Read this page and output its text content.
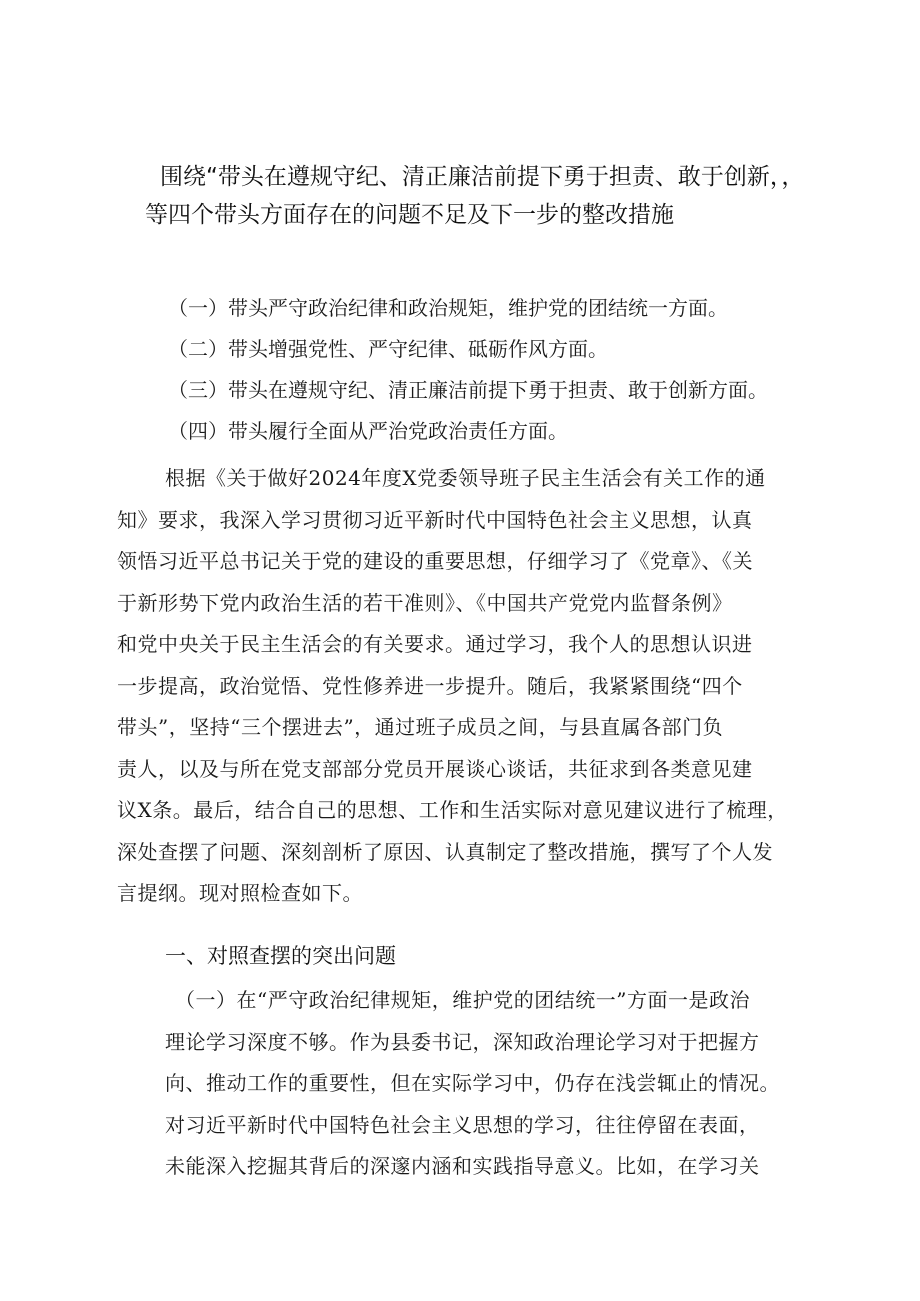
围绕“带头在遵规守纪、清正廉洁前提下勇于担责、敢于创新，，
等四个带头方面存在的问题不足及下一步的整改措施
（一）带头严守政治纪律和政治规矩，维护党的团结统一方面。
（二）带头增强党性、严守纪律、砥砺作风方面。
（三）带头在遵规守纪、清正廉洁前提下勇于担责、敢于创新方面。
（四）带头履行全面从严治党政治责任方面。
根据《关于做好2024年度X党委领导班子民主生活会有关工作的通
知》要求，我深入学习贯彻习近平新时代中国特色社会主义思想，认真
领悟习近平总书记关于党的建设的重要思想，仔细学习了《党章》、《关
于新形势下党内政治生活的若干准则》、《中国共产党党内监督条例》
和党中央关于民主生活会的有关要求。通过学习，我个人的思想认识进
一步提高，政治觉悟、党性修养进一步提升。随后，我紧紧围绕“四个
带头”，坚持“三个摆进去”，通过班子成员之间，与县直属各部门负
责人，以及与所在党支部部分党员开展谈心谈话，共征求到各类意见建
议X条。最后，结合自己的思想、工作和生活实际对意见建议进行了梳理，
深处查摆了问题、深刻剖析了原因、认真制定了整改措施，撰写了个人发
言提纲。现对照检查如下。
一、对照查摆的突出问题
（一）在“严守政治纪律规矩，维护党的团结统一”方面一是政治
理论学习深度不够。作为县委书记，深知政治理论学习对于把握方
向、推动工作的重要性，但在实际学习中，仍存在浅尝辄止的情况。
对习近平新时代中国特色社会主义思想的学习，往往停留在表面，
未能深入挖掘其背后的深邃内涵和实践指导意义。比如，在学习关
